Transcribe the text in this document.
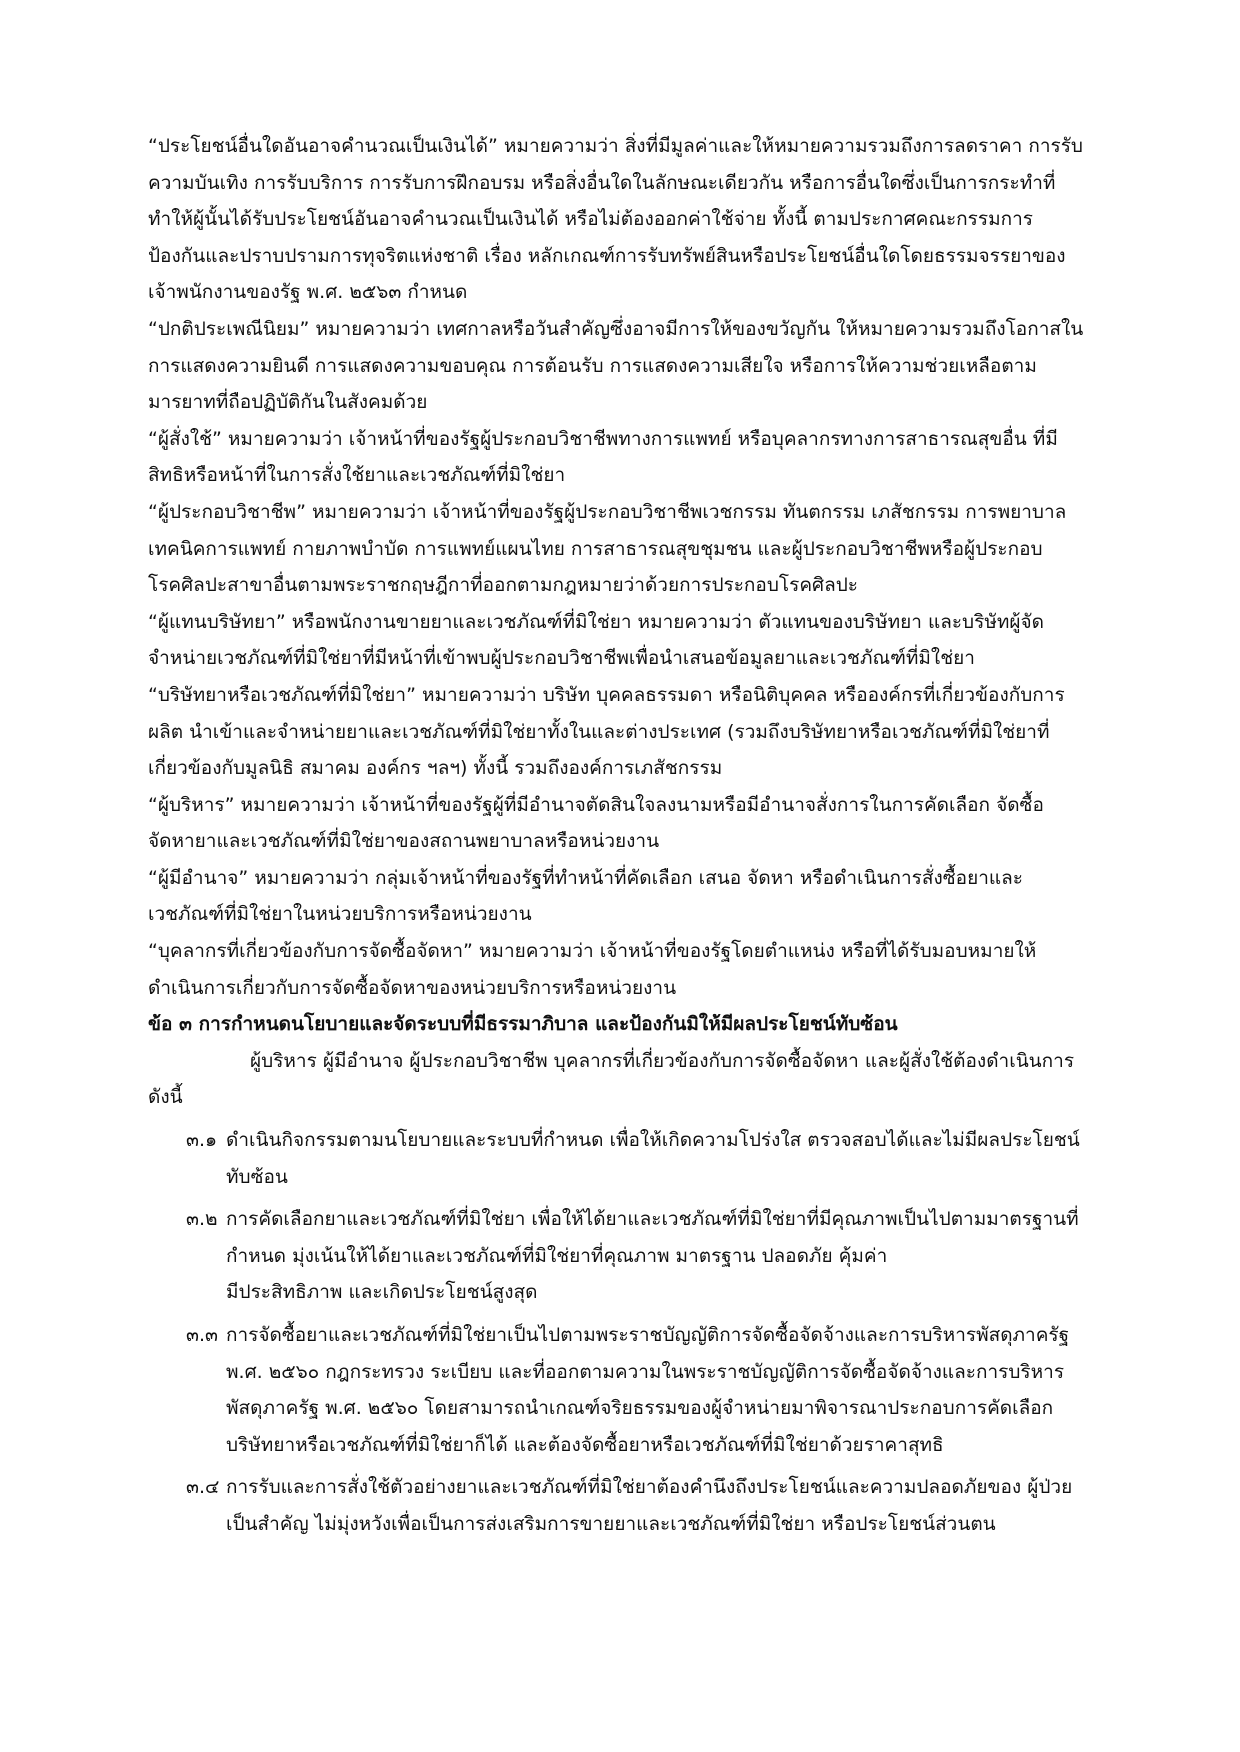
“ประโยชน์อื่นใดอันอาจคำนวณเป็นเงินได้” หมายความว่า สิ่งที่มีมูลค่าและให้หมายความรวมถึงการลดราคา การรับ
ความบันเทิง การรับบริการ การรับการฝึกอบรม หรือสิ่งอื่นใดในลักษณะเดียวกัน หรือการอื่นใดซึ่งเป็นการกระทำที่
ทำให้ผู้นั้นได้รับประโยชน์อันอาจคำนวณเป็นเงินได้ หรือไม่ต้องออกค่าใช้จ่าย ทั้งนี้ ตามประกาศคณะกรรมการ
ป้องกันและปราบปรามการทุจริตแห่งชาติ เรื่อง หลักเกณฑ์การรับทรัพย์สินหรือประโยชน์อื่นใดโดยธรรมจรรยาของ
เจ้าพนักงานของรัฐ พ.ศ. ๒๕๖๓ กำหนด
“ปกติประเพณีนิยม” หมายความว่า เทศกาลหรือวันสำคัญซึ่งอาจมีการให้ของขวัญกัน ให้หมายความรวมถึงโอกาสใน
การแสดงความยินดี การแสดงความขอบคุณ การต้อนรับ การแสดงความเสียใจ หรือการให้ความช่วยเหลือตาม
มารยาทที่ถือปฏิบัติกันในสังคมด้วย
“ผู้สั่งใช้” หมายความว่า เจ้าหน้าที่ของรัฐผู้ประกอบวิชาชีพทางการแพทย์ หรือบุคลากรทางการสาธารณสุขอื่น ที่มี
สิทธิหรือหน้าที่ในการสั่งใช้ยาและเวชภัณฑ์ที่มิใช่ยา
“ผู้ประกอบวิชาชีพ” หมายความว่า เจ้าหน้าที่ของรัฐผู้ประกอบวิชาชีพเวชกรรม ทันตกรรม เภสัชกรรม การพยาบาล
เทคนิคการแพทย์ กายภาพบำบัด การแพทย์แผนไทย การสาธารณสุขชุมชน และผู้ประกอบวิชาชีพหรือผู้ประกอบ
โรคศิลปะสาขาอื่นตามพระราชกฤษฎีกาที่ออกตามกฎหมายว่าด้วยการประกอบโรคศิลปะ
“ผู้แทนบริษัทยา” หรือพนักงานขายยาและเวชภัณฑ์ที่มิใช่ยา หมายความว่า ตัวแทนของบริษัทยา และบริษัทผู้จัด
จำหน่ายเวชภัณฑ์ที่มิใช่ยาที่มีหน้าที่เข้าพบผู้ประกอบวิชาชีพเพื่อนำเสนอข้อมูลยาและเวชภัณฑ์ที่มิใช่ยา
“บริษัทยาหรือเวชภัณฑ์ที่มิใช่ยา” หมายความว่า บริษัท บุคคลธรรมดา หรือนิติบุคคล หรือองค์กรที่เกี่ยวข้องกับการ
ผลิต นำเข้าและจำหน่ายยาและเวชภัณฑ์ที่มิใช่ยาทั้งในและต่างประเทศ (รวมถึงบริษัทยาหรือเวชภัณฑ์ที่มิใช่ยาที่
เกี่ยวข้องกับมูลนิธิ สมาคม องค์กร ฯลฯ) ทั้งนี้ รวมถึงองค์การเภสัชกรรม
“ผู้บริหาร” หมายความว่า เจ้าหน้าที่ของรัฐผู้ที่มีอำนาจตัดสินใจลงนามหรือมีอำนาจสั่งการในการคัดเลือก จัดซื้อ
จัดหายาและเวชภัณฑ์ที่มิใช่ยาของสถานพยาบาลหรือหน่วยงาน
“ผู้มีอำนาจ” หมายความว่า กลุ่มเจ้าหน้าที่ของรัฐที่ทำหน้าที่คัดเลือก เสนอ จัดหา หรือดำเนินการสั่งซื้อยาและ
เวชภัณฑ์ที่มิใช่ยาในหน่วยบริการหรือหน่วยงาน
“บุคลากรที่เกี่ยวข้องกับการจัดซื้อจัดหา” หมายความว่า เจ้าหน้าที่ของรัฐโดยตำแหน่ง หรือที่ได้รับมอบหมายให้
ดำเนินการเกี่ยวกับการจัดซื้อจัดหาของหน่วยบริการหรือหน่วยงาน
ข้อ ๓ การกำหนดนโยบายและจัดระบบที่มีธรรมาภิบาล และป้องกันมิให้มีผลประโยชน์ทับซ้อน
ผู้บริหาร ผู้มีอำนาจ ผู้ประกอบวิชาชีพ บุคลากรที่เกี่ยวข้องกับการจัดซื้อจัดหา และผู้สั่งใช้ต้องดำเนินการ
ดังนี้
๓.๑ ดำเนินกิจกรรมตามนโยบายและระบบที่กำหนด เพื่อให้เกิดความโปร่งใส ตรวจสอบได้และไม่มีผลประโยชน์
ทับซ้อน
๓.๒ การคัดเลือกยาและเวชภัณฑ์ที่มิใช่ยา เพื่อให้ได้ยาและเวชภัณฑ์ที่มิใช่ยาที่มีคุณภาพเป็นไปตามมาตรฐานที่
กำหนด มุ่งเน้นให้ได้ยาและเวชภัณฑ์ที่มิใช่ยาที่คุณภาพ มาตรฐาน ปลอดภัย คุ้มค่า
มีประสิทธิภาพ และเกิดประโยชน์สูงสุด
๓.๓ การจัดซื้อยาและเวชภัณฑ์ที่มิใช่ยาเป็นไปตามพระราชบัญญัติการจัดซื้อจัดจ้างและการบริหารพัสดุภาครัฐ
พ.ศ. ๒๕๖๐ กฎกระทรวง ระเบียบ และที่ออกตามความในพระราชบัญญัติการจัดซื้อจัดจ้างและการบริหาร
พัสดุภาครัฐ พ.ศ. ๒๕๖๐ โดยสามารถนำเกณฑ์จริยธรรมของผู้จำหน่ายมาพิจารณาประกอบการคัดเลือก
บริษัทยาหรือเวชภัณฑ์ที่มิใช่ยาก็ได้ และต้องจัดซื้อยาหรือเวชภัณฑ์ที่มิใช่ยาด้วยราคาสุทธิ
๓.๔ การรับและการสั่งใช้ตัวอย่างยาและเวชภัณฑ์ที่มิใช่ยาต้องคำนึงถึงประโยชน์และความปลอดภัยของ ผู้ป่วย
เป็นสำคัญ ไม่มุ่งหวังเพื่อเป็นการส่งเสริมการขายยาและเวชภัณฑ์ที่มิใช่ยา หรือประโยชน์ส่วนตน
